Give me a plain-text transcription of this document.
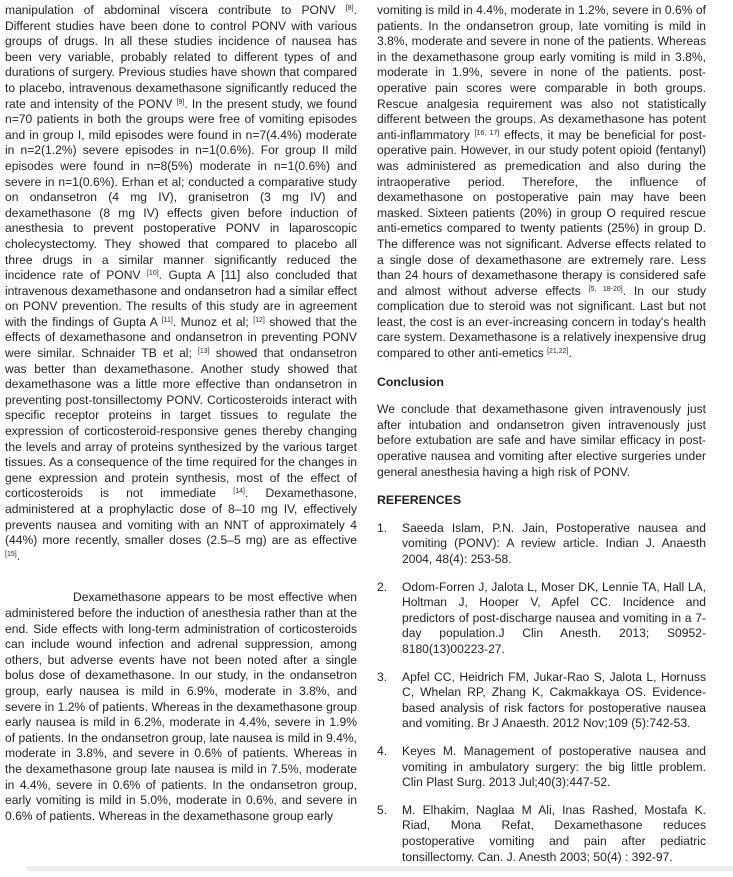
manipulation of abdominal viscera contribute to PONV [8]. Different studies have been done to control PONV with various groups of drugs. In all these studies incidence of nausea has been very variable, probably related to different types of and durations of surgery. Previous studies have shown that compared to placebo, intravenous dexamethasone significantly reduced the rate and intensity of the PONV [9]. In the present study, we found n=70 patients in both the groups were free of vomiting episodes and in group I, mild episodes were found in n=7(4.4%) moderate in n=2(1.2%) severe episodes in n=1(0.6%). For group II mild episodes were found in n=8(5%) moderate in n=1(0.6%) and severe in n=1(0.6%). Erhan et al; conducted a comparative study on ondansetron (4 mg IV), granisetron (3 mg IV) and dexamethasone (8 mg IV) effects given before induction of anesthesia to prevent postoperative PONV in laparoscopic cholecystectomy. They showed that compared to placebo all three drugs in a similar manner significantly reduced the incidence rate of PONV [10]. Gupta A [11] also concluded that intravenous dexamethasone and ondansetron had a similar effect on PONV prevention. The results of this study are in agreement with the findings of Gupta A [11]. Munoz et al; [12] showed that the effects of dexamethasone and ondansetron in preventing PONV were similar. Schnaider TB et al; [13] showed that ondansetron was better than dexamethasone. Another study showed that dexamethasone was a little more effective than ondansetron in preventing post-tonsillectomy PONV. Corticosteroids interact with specific receptor proteins in target tissues to regulate the expression of corticosteroid-responsive genes thereby changing the levels and array of proteins synthesized by the various target tissues. As a consequence of the time required for the changes in gene expression and protein synthesis, most of the effect of corticosteroids is not immediate [14]. Dexamethasone, administered at a prophylactic dose of 8–10 mg IV, effectively prevents nausea and vomiting with an NNT of approximately 4 (44%) more recently, smaller doses (2.5–5 mg) are as effective [15].

Dexamethasone appears to be most effective when administered before the induction of anesthesia rather than at the end. Side effects with long-term administration of corticosteroids can include wound infection and adrenal suppression, among others, but adverse events have not been noted after a single bolus dose of dexamethasone. In our study, in the ondansetron group, early nausea is mild in 6.9%, moderate in 3.8%, and severe in 1.2% of patients. Whereas in the dexamethasone group early nausea is mild in 6.2%, moderate in 4.4%, severe in 1.9% of patients. In the ondansetron group, late nausea is mild in 9.4%, moderate in 3.8%, and severe in 0.6% of patients. Whereas in the dexamethasone group late nausea is mild in 7.5%, moderate in 4.4%, severe in 0.6% of patients. In the ondansetron group, early vomiting is mild in 5.0%, moderate in 0.6%, and severe in 0.6% of patients. Whereas in the dexamethasone group early

vomiting is mild in 4.4%, moderate in 1.2%, severe in 0.6% of patients. In the ondansetron group, late vomiting is mild in 3.8%, moderate and severe in none of the patients. Whereas in the dexamethasone group early vomiting is mild in 3.8%, moderate in 1.9%, severe in none of the patients. post-operative pain scores were comparable in both groups. Rescue analgesia requirement was also not statistically different between the groups. As dexamethasone has potent anti-inflammatory [16, 17] effects, it may be beneficial for post-operative pain. However, in our study potent opioid (fentanyl) was administered as premedication and also during the intraoperative period. Therefore, the influence of dexamethasone on postoperative pain may have been masked. Sixteen patients (20%) in group O required rescue anti-emetics compared to twenty patients (25%) in group D. The difference was not significant. Adverse effects related to a single dose of dexamethasone are extremely rare. Less than 24 hours of dexamethasone therapy is considered safe and almost without adverse effects [5, 18-20]. In our study complication due to steroid was not significant. Last but not least, the cost is an ever-increasing concern in today's health care system. Dexamethasone is a relatively inexpensive drug compared to other anti-emetics [21,22].

Conclusion

We conclude that dexamethasone given intravenously just after intubation and ondansetron given intravenously just before extubation are safe and have similar efficacy in post-operative nausea and vomiting after elective surgeries under general anesthesia having a high risk of PONV.

REFERENCES
1. Saeeda Islam, P.N. Jain, Postoperative nausea and vomiting (PONV): A review article. Indian J. Anaesth 2004, 48(4): 253-58.
2. Odom-Forren J, Jalota L, Moser DK, Lennie TA, Hall LA, Holtman J, Hooper V, Apfel CC. Incidence and predictors of post-discharge nausea and vomiting in a 7-day population.J Clin Anesth. 2013; S0952-8180(13)00223-27.
3. Apfel CC, Heidrich FM, Jukar-Rao S, Jalota L, Hornuss C, Whelan RP, Zhang K, Cakmakkaya OS. Evidence-based analysis of risk factors for postoperative nausea and vomiting. Br J Anaesth. 2012 Nov;109 (5):742-53.
4. Keyes M. Management of postoperative nausea and vomiting in ambulatory surgery: the big little problem. Clin Plast Surg. 2013 Jul;40(3):447-52.
5. M. Elhakim, Naglaa M Ali, Inas Rashed, Mostafa K. Riad, Mona Refat, Dexamethasone reduces postoperative vomiting and pain after pediatric tonsillectomy. Can. J. Anesth 2003; 50(4) : 392-97.
